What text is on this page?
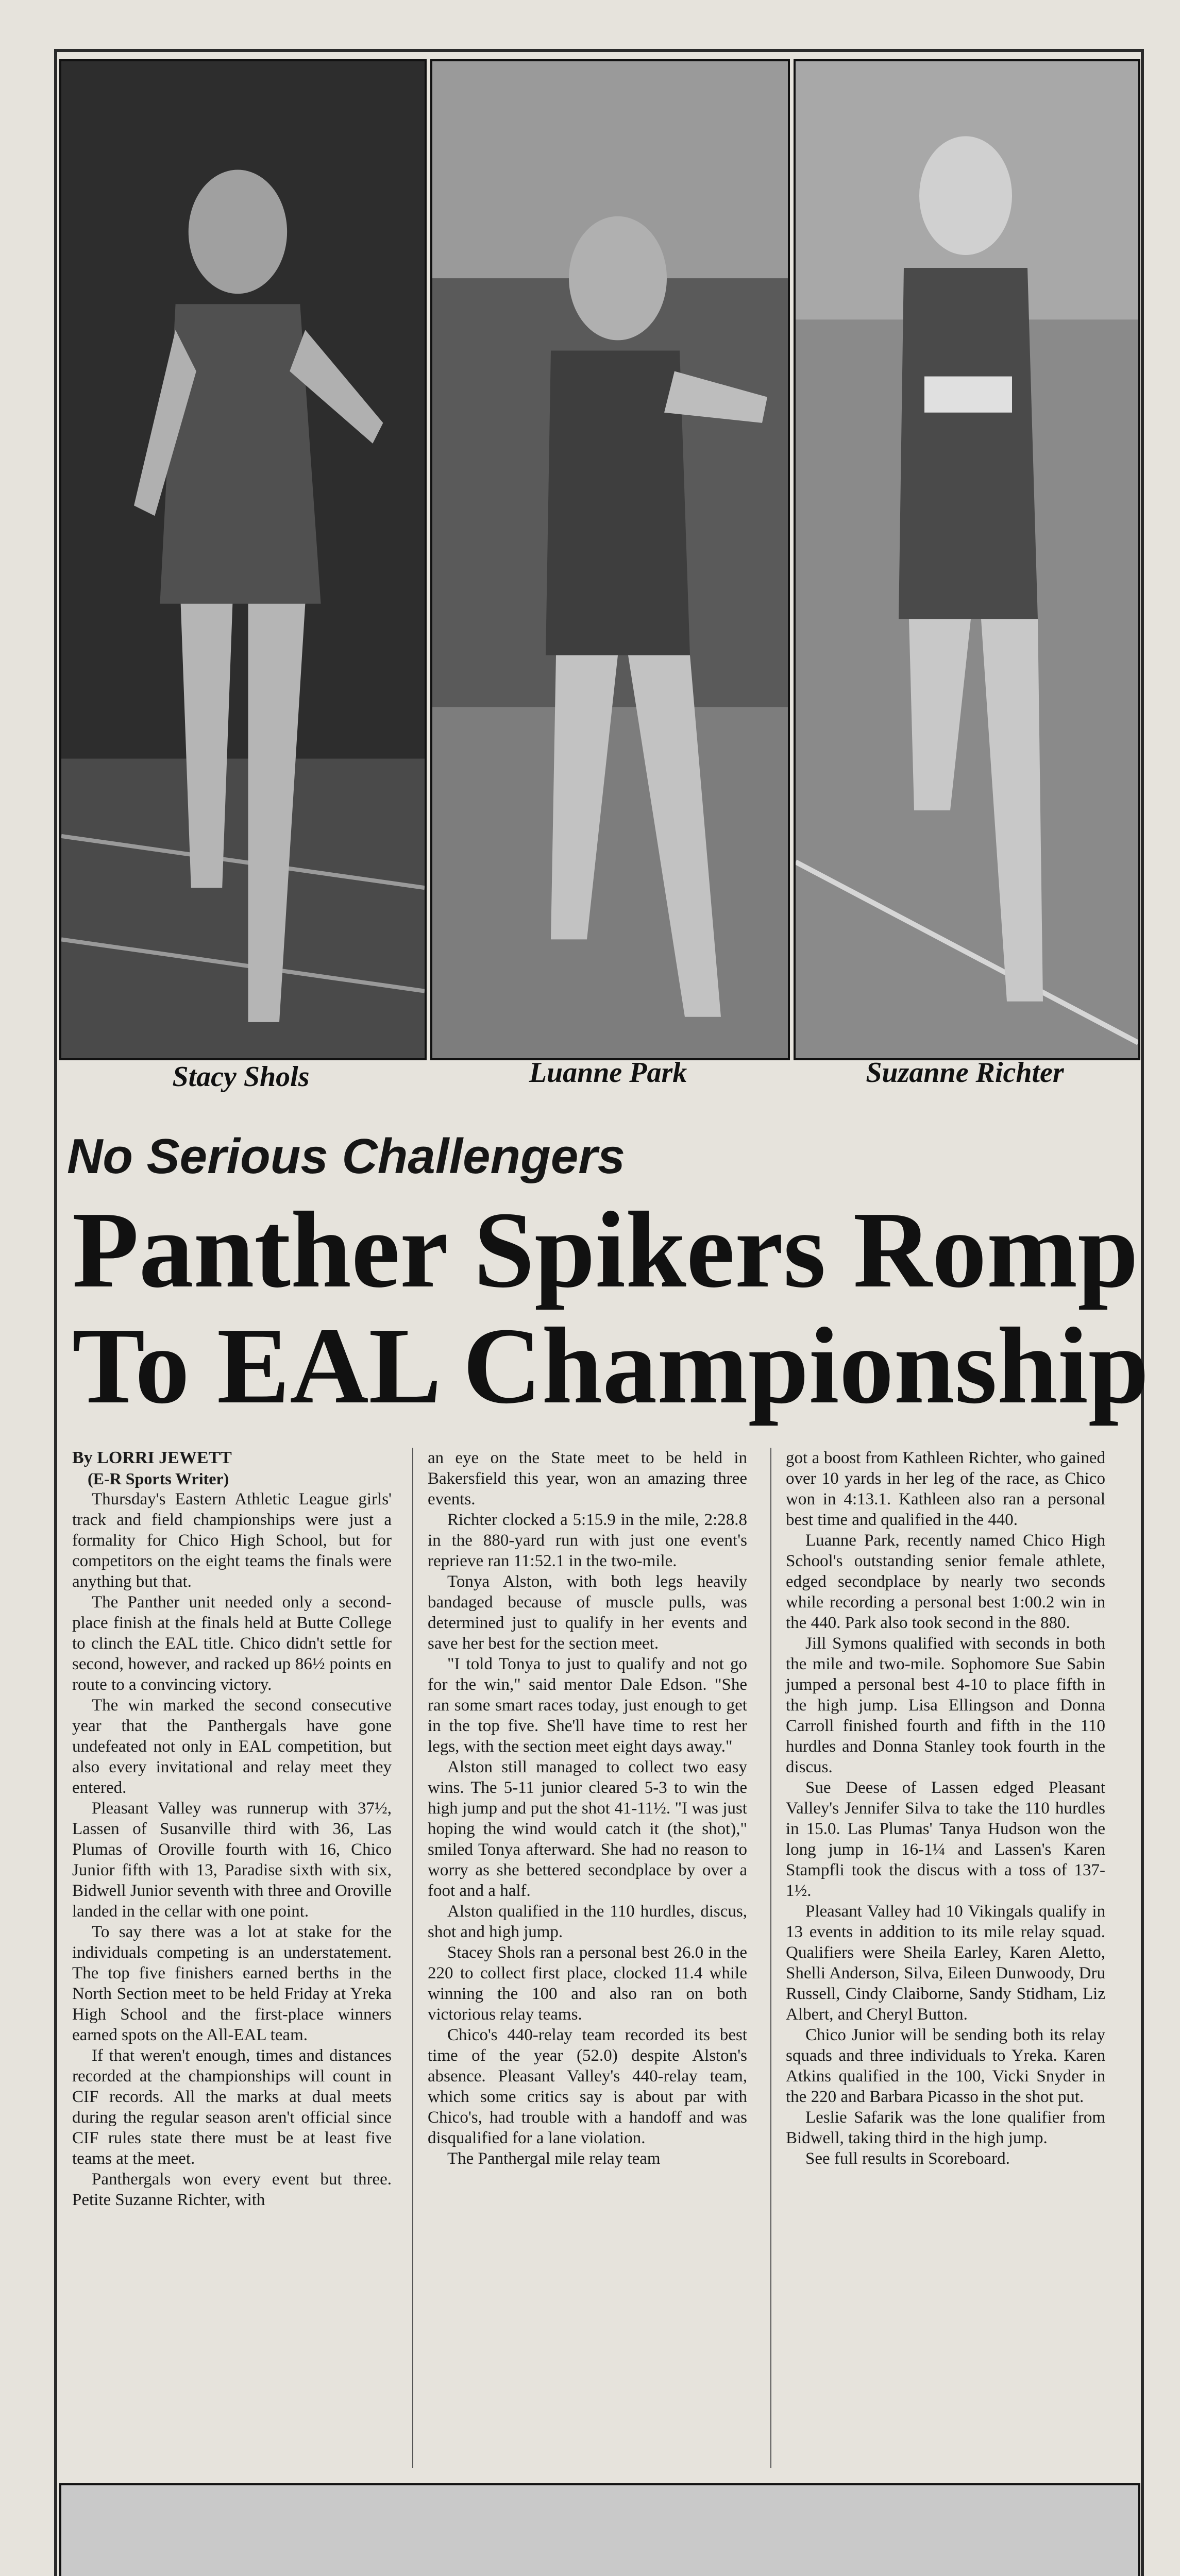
Stacy Shols	Luanne Park	Suzanne Richter
No Serious Challengers
Panther Spikers Romp
To EAL Championship

By LORRI JEWETT

(E-R Sports Writer)

Thursday's Eastern Athletic League girls' track and field championships were just a formality for Chico High School, but for competitors on the eight teams the finals were anything but that.

The Panther unit needed only a second-place finish at the finals held at Butte College to clinch the EAL title. Chico didn't settle for second, however, and racked up 86½ points en route to a convincing victory.

The win marked the second consecutive year that the Panthergals have gone undefeated not only in EAL competition, but also every invitational and relay meet they entered.

Pleasant Valley was runnerup with 37½, Lassen of Susanville third with 36, Las Plumas of Oroville fourth with 16, Chico Junior fifth with 13, Paradise sixth with six, Bidwell Junior seventh with three and Oroville landed in the cellar with one point.

To say there was a lot at stake for the individuals competing is an understatement. The top five finishers earned berths in the North Section meet to be held Friday at Yreka High School and the first-place winners earned spots on the All-EAL team.

If that weren't enough, times and distances recorded at the championships will count in CIF records. All the marks at dual meets during the regular season aren't official since CIF rules state there must be at least five teams at the meet.

Panthergals won every event but three. Petite Suzanne Richter, with

an eye on the State meet to be held in Bakersfield this year, won an amazing three events.

Richter clocked a 5:15.9 in the mile, 2:28.8 in the 880-yard run with just one event's reprieve ran 11:52.1 in the two-mile.

Tonya Alston, with both legs heavily bandaged because of muscle pulls, was determined just to qualify in her events and save her best for the section meet.

"I told Tonya to just to qualify and not go for the win," said mentor Dale Edson. "She ran some smart races today, just enough to get in the top five. She'll have time to rest her legs, with the section meet eight days away."

Alston still managed to collect two easy wins. The 5-11 junior cleared 5-3 to win the high jump and put the shot 41-11½. "I was just hoping the wind would catch it (the shot)," smiled Tonya afterward. She had no reason to worry as she bettered secondplace by over a foot and a half.

Alston qualified in the 110 hurdles, discus, shot and high jump.

Stacey Shols ran a personal best 26.0 in the 220 to collect first place, clocked 11.4 while winning the 100 and also ran on both victorious relay teams.

Chico's 440-relay team recorded its best time of the year (52.0) despite Alston's absence. Pleasant Valley's 440-relay team, which some critics say is about par with Chico's, had trouble with a handoff and was disqualified for a lane violation.

The Panthergal mile relay team

got a boost from Kathleen Richter, who gained over 10 yards in her leg of the race, as Chico won in 4:13.1. Kathleen also ran a personal best time and qualified in the 440.

Luanne Park, recently named Chico High School's outstanding senior female athlete, edged secondplace by nearly two seconds while recording a personal best 1:00.2 win in the 440. Park also took second in the 880.

Jill Symons qualified with seconds in both the mile and two-mile. Sophomore Sue Sabin jumped a personal best 4-10 to place fifth in the high jump. Lisa Ellingson and Donna Carroll finished fourth and fifth in the 110 hurdles and Donna Stanley took fourth in the discus.

Sue Deese of Lassen edged Pleasant Valley's Jennifer Silva to take the 110 hurdles in 15.0. Las Plumas' Tanya Hudson won the long jump in 16-1¼ and Lassen's Karen Stampfli took the discus with a toss of 137-1½.

Pleasant Valley had 10 Vikingals qualify in 13 events in addition to its mile relay squad. Qualifiers were Sheila Earley, Karen Aletto, Shelli Anderson, Silva, Eileen Dunwoody, Dru Russell, Cindy Claiborne, Sandy Stidham, Liz Albert, and Cheryl Button.

Chico Junior will be sending both its relay squads and three individuals to Yreka. Karen Atkins qualified in the 100, Vicki Snyder in the 220 and Barbara Picasso in the shot put.

Leslie Safarik was the lone qualifier from Bidwell, taking third in the high jump.

See full results in Scoreboard.
